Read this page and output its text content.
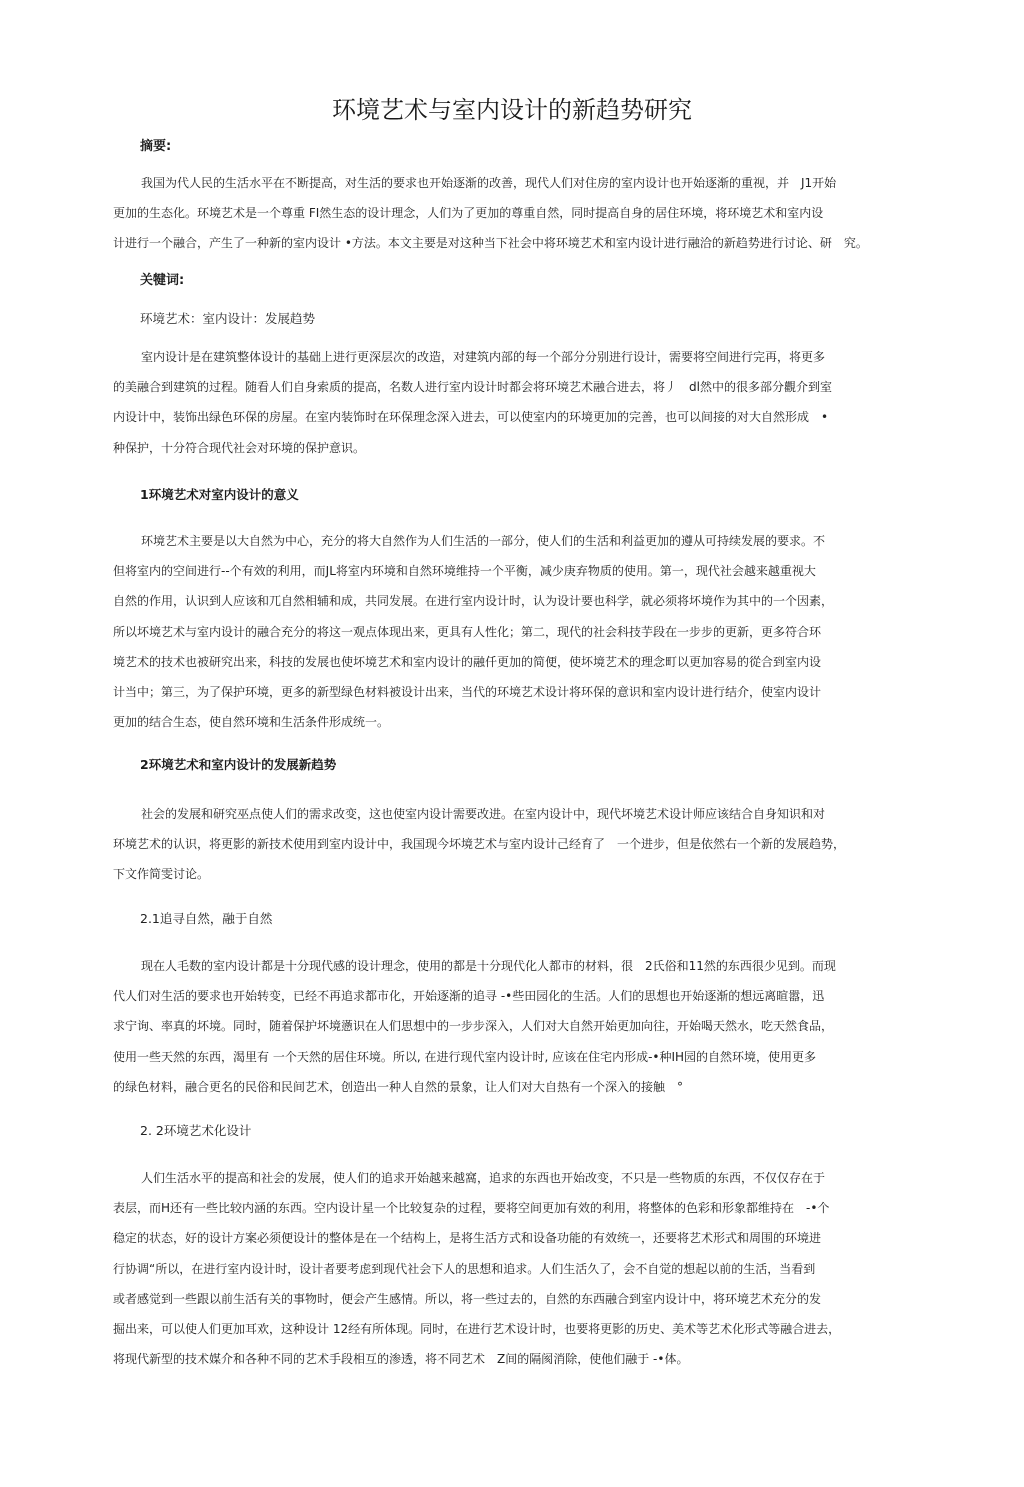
环境艺术与室内设计的新趋势研究
摘要:
我国为代人民的生活水平在不断提高，对生活的要求也开始逐渐的改善，现代人们对住房的室内设计也开始逐渐的重视，并　J1开始
更加的生态化。环境艺术是一个尊重 FI然生态的设计理念，人们为了更加的尊重自然，同时提高自身的居住环境，将环境艺术和室内设
计进行一个融合，产生了一种新的室内设计 •方法。本文主要是对这种当下社会中将环境艺术和室内设计进行融洽的新趋势进行讨论、研　究。
关犍词:
环境艺术：室内设计：发展趋势
室内设计是在建筑整体设计的基础上进行更深层次的改造，对建筑内部的每一个部分分别进行设计，需要将空间进行完再，将更多
的美融合到建筑的过程。随看人们自身索质的提高，名数人进行室内设计时都会将环境艺术融合进去，将丿　dl然中的很多部分觀介到室
内设计中，装饰出绿色环保的房屋。在室内装饰时在环保理念深入进去，可以使室内的环境更加的完善，也可以间接的对大自然形成　•
种保护，十分符合现代社会对环境的保护意识。
1环境艺术对室内设计的意义
环境艺术主要是以大自然为中心，充分的将大自然作为人们生活的一部分，使人们的生活和利益更加的遵从可持续发展的要求。不
但将室内的空间进行--个有效的利用，而JL将室内环境和自然环境维持一个平衡，减少庚弃物质的使用。第一，现代社会越来越重视大
自然的作用，认识到人应该和兀自然相辅和成，共同发展。在进行室内设计时，认为设计要也科学，就必须将坏境作为其中的一个因素，
所以坏境艺术与室内设计的融合充分的将这一观点体现出来，更具有人性化；第二，现代的社会科技芋段在一步步的更新，更多符合环
境艺术的技术也被研究出来，科技的发展也使坏境艺术和室内设计的融仟更加的简便，使坏境艺术的理念町以更加容易的從合到室内设
计当中；第三，为了保护环境，更多的新型绿色材料被设计出来，当代的环境艺术设计将环保的意识和室内设计进行结介，使室内设计
更加的结合生态，使自然环境和生活条件形成统一。
2环境艺术和室内设计的发展新趋势
社会的发展和研究巫点使人们的需求改变，这也使室内设计需要改进。在室内设计中，现代坏境艺术设计师应该结合自身知识和对
环境艺术的认识，将更影的新技术使用到室内设计中，我国现今坏境艺术与室内设计己经育了　一个进步，但是依然右一个新的发展趋势，
下文作简雯讨论。
2.1追寻自然，融于自然
现在人毛数的室内设计都是十分现代感的设计理念，使用的都是十分现代化人都市的材料，很　2氏俗和11然的东西很少见到。而现
代人们对生活的要求也开始转变，已经不再追求都市化，开始逐渐的追寻 -•些田园化的生活。人们的思想也开始逐渐的想远离暄嚣，迅
求宁询、率真的坏境。同时，随着保护坏境懣识在人们思想中的一步步深入，人们对大自然开始更加向往，开始喝天然水，吃天然食品，
使用一些天然的东西，渴里有 一个天然的居住环境。所以, 在进行现代室内设计时, 应该在住宅内形成-•种IH园的自然环境，使用更多
的绿色材料，融合更名的民俗和民间艺术，创造出一种人自然的景象，让人们对大自热有一个深入的接触　°
2. 2环境艺术化设计
人们生活水平的提高和社会的发展，使人们的追求开始越来越窩，追求的东西也开始改变，不只是一些物质的东西，不仅仅存在于
表层，而H还有一些比较内涵的东西。空内设计星一个比较复杂的过程，要将空间更加有效的利用，将整体的色彩和形象都维持在　-•个
稳定的状态，好的设计方案必须便设计的整体是在一个结构上，是将生活方式和设备功能的有效统一，还要将艺术形式和周围的环境进
行协调“所以，在进行室内设计时，设计者要考虑到现代社会下人的思想和追求。人们生活久了，会不自觉的想起以前的生活，当看到
或者感觉到一些跟以前生活有关的事物时，便会产生感情。所以，将一些过去的，自然的东西融合到室内设计中，将环境艺术充分的发
掘出来，可以使人们更加耳欢，这种设计 12经有所体现。同时，在进行艺术设计时，也要将更影的历史、美术等艺术化形式等融合进去，
将现代新型的技术媒介和各种不同的艺术手段相互的渗透，将不同艺术　Z间的隔阂消除，使他们融于 -•体。
